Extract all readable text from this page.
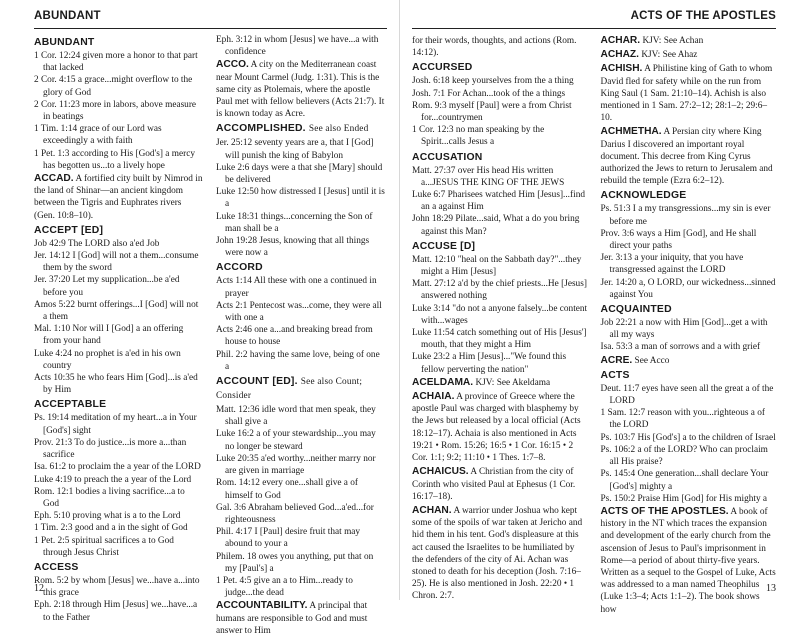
ABUNDANT
ABUNDANT
1 Cor. 12:24 given more a honor to that part that lacked
2 Cor. 4:15 a grace...might overflow to the glory of God
2 Cor. 11:23 more in labors, above measure in beatings
1 Tim. 1:14 grace of our Lord was exceedingly a with faith
1 Pet. 1:3 according to His [God's] a mercy has begotten us...to a lively hope
ACCAD. A fortified city built by Nimrod in the land of Shinar—an ancient kingdom between the Tigris and Euphrates rivers (Gen. 10:8–10).
ACCEPT [ED]
Job 42:9 The LORD also a'ed Job
Jer. 14:12 I [God] will not a them...consume them by the sword
Jer. 37:20 Let my supplication...be a'ed before you
Amos 5:22 burnt offerings...I [God] will not a them
Mal. 1:10 Nor will I [God] a an offering from your hand
Luke 4:24 no prophet is a'ed in his own country
Acts 10:35 he who fears Him [God]...is a'ed by Him
ACCEPTABLE
Ps. 19:14 meditation of my heart...a in Your [God's] sight
Prov. 21:3 To do justice...is more a...than sacrifice
Isa. 61:2 to proclaim the a year of the LORD
Luke 4:19 to preach the a year of the Lord
Rom. 12:1 bodies a living sacrifice...a to God
Eph. 5:10 proving what is a to the Lord
1 Tim. 2:3 good and a in the sight of God
1 Pet. 2:5 spiritual sacrifices a to God through Jesus Christ
ACCESS
Rom. 5:2 by whom [Jesus] we...have a...into this grace
Eph. 2:18 through Him [Jesus] we...have...a to the Father
Eph. 3:12 in whom [Jesus] we have...a with confidence
ACCO. A city on the Mediterranean coast near Mount Carmel (Judg. 1:31). This is the same city as Ptolemais, where the apostle Paul met with fellow believers (Acts 21:7). It is known today as Acre.
ACCOMPLISHED. See also Ended
Jer. 25:12 seventy years are a, that I [God] will punish the king of Babylon
Luke 2:6 days were a that she [Mary] should be delivered
Luke 12:50 how distressed I [Jesus] until it is a
Luke 18:31 things...concerning the Son of man shall be a
John 19:28 Jesus, knowing that all things were now a
ACCORD
Acts 1:14 All these with one a continued in prayer
Acts 2:1 Pentecost was...come, they were all with one a
Acts 2:46 one a...and breaking bread from house to house
Phil. 2:2 having the same love, being of one a
ACCOUNT [ED]. See also Count; Consider
Matt. 12:36 idle word that men speak, they shall give a
Luke 16:2 a of your stewardship...you may no longer be steward
Luke 20:35 a'ed worthy...neither marry nor are given in marriage
Rom. 14:12 every one...shall give a of himself to God
Gal. 3:6 Abraham believed God...a'ed...for righteousness
Phil. 4:17 I [Paul] desire fruit that may abound to your a
Philem. 18 owes you anything, put that on my [Paul's] a
1 Pet. 4:5 give an a to Him...ready to judge...the dead
ACCOUNTABILITY. A principal that humans are responsible to God and must answer to Him
12
ACTS OF THE APOSTLES
for their words, thoughts, and actions (Rom. 14:12).
ACCURSED
Josh. 6:18 keep yourselves from the a thing
Josh. 7:1 For Achan...took of the a things
Rom. 9:3 myself [Paul] were a from Christ for...countrymen
1 Cor. 12:3 no man speaking by the Spirit...calls Jesus a
ACCUSATION
Matt. 27:37 over His head His written a...JESUS THE KING OF THE JEWS
Luke 6:7 Pharisees watched Him [Jesus]...find an a against Him
John 18:29 Pilate...said, What a do you bring against this Man?
ACCUSE [D]
Matt. 12:10 "heal on the Sabbath day?"...they might a Him [Jesus]
Matt. 27:12 a'd by the chief priests...He [Jesus] answered nothing
Luke 3:14 "do not a anyone falsely...be content with...wages
Luke 11:54 catch something out of His [Jesus'] mouth, that they might a Him
Luke 23:2 a Him [Jesus]..."We found this fellow perverting the nation"
ACELDAMA. KJV: See Akeldama
ACHAIA. A province of Greece where the apostle Paul was charged with blasphemy by the Jews but released by a local official (Acts 18:12–17). Achaia is also mentioned in Acts 19:21 • Rom. 15:26; 16:5 • 1 Cor. 16:15 • 2 Cor. 1:1; 9:2; 11:10 • 1 Thes. 1:7–8.
ACHAICUS. A Christian from the city of Corinth who visited Paul at Ephesus (1 Cor. 16:17–18).
ACHAN. A warrior under Joshua who kept some of the spoils of war taken at Jericho and hid them in his tent. God's displeasure at this act caused the Israelites to be humiliated by the defenders of the city of Ai. Achan was stoned to death for his deception (Josh. 7:16–25). He is also mentioned in Josh. 22:20 • 1 Chron. 2:7.
ACHAR. KJV: See Achan
ACHAZ. KJV: See Ahaz
ACHISH. A Philistine king of Gath to whom David fled for safety while on the run from King Saul (1 Sam. 21:10–14). Achish is also mentioned in 1 Sam. 27:2–12; 28:1–2; 29:6–10.
ACHMETHA. A Persian city where King Darius I discovered an important royal document. This decree from King Cyrus authorized the Jews to return to Jerusalem and rebuild the temple (Ezra 6:2–12).
ACKNOWLEDGE
Ps. 51:3 I a my transgressions...my sin is ever before me
Prov. 3:6 ways a Him [God], and He shall direct your paths
Jer. 3:13 a your iniquity, that you have transgressed against the LORD
Jer. 14:20 a, O LORD, our wickedness...sinned against You
ACQUAINTED
Job 22:21 a now with Him [God]...get a with all my ways
Isa. 53:3 a man of sorrows and a with grief
ACRE. See Acco
ACTS
Deut. 11:7 eyes have seen all the great a of the LORD
1 Sam. 12:7 reason with you...righteous a of the LORD
Ps. 103:7 His [God's] a to the children of Israel
Ps. 106:2 a of the LORD? Who can proclaim all His praise?
Ps. 145:4 One generation...shall declare Your [God's] mighty a
Ps. 150:2 Praise Him [God] for His mighty a
ACTS OF THE APOSTLES. A book of history in the NT which traces the expansion and development of the early church from the ascension of Jesus to Paul's imprisonment in Rome—a period of about thirty-five years. Written as a sequel to the Gospel of Luke, Acts was addressed to a man named Theophilus (Luke 1:3–4; Acts 1:1–2). The book shows how
13
